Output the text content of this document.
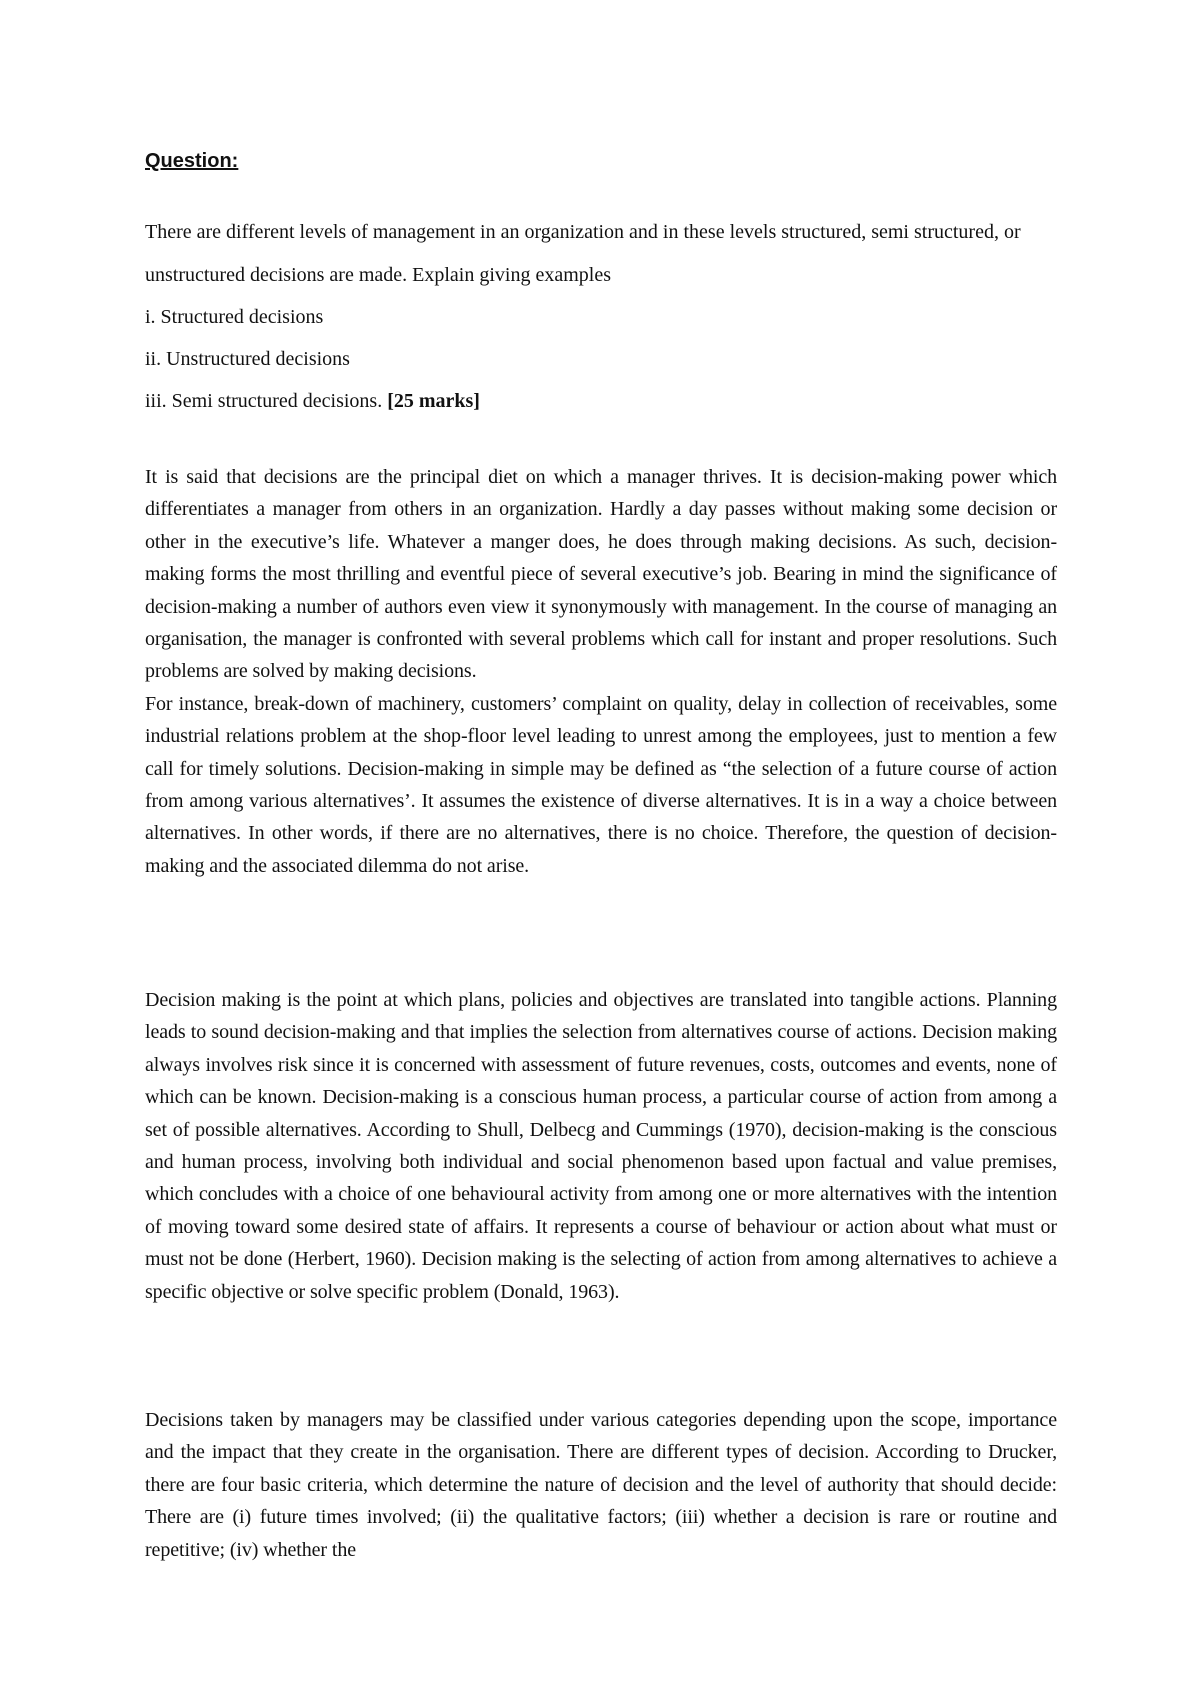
Question:

There are different levels of management in an organization and in these levels structured, semi structured, or unstructured decisions are made. Explain giving examples

i. Structured decisions
ii. Unstructured decisions
iii. Semi structured decisions. [25 marks]

It is said that decisions are the principal diet on which a manager thrives. It is decision-making power which differentiates a manager from others in an organization. Hardly a day passes without making some decision or other in the executive’s life. Whatever a manger does, he does through making decisions. As such, decision-making forms the most thrilling and eventful piece of several executive’s job. Bearing in mind the significance of decision-making a number of authors even view it synonymously with management. In the course of managing an organisation, the manager is confronted with several problems which call for instant and proper resolutions. Such problems are solved by making decisions.
For instance, break-down of machinery, customers’ complaint on quality, delay in collection of receivables, some industrial relations problem at the shop-floor level leading to unrest among the employees, just to mention a few call for timely solutions. Decision-making in simple may be defined as “the selection of a future course of action from among various alternatives’. It assumes the existence of diverse alternatives. It is in a way a choice between alternatives. In other words, if there are no alternatives, there is no choice. Therefore, the question of decision-making and the associated dilemma do not arise.

Decision making is the point at which plans, policies and objectives are translated into tangible actions. Planning leads to sound decision-making and that implies the selection from alternatives course of actions. Decision making always involves risk since it is concerned with assessment of future revenues, costs, outcomes and events, none of which can be known. Decision-making is a conscious human process, a particular course of action from among a set of possible alternatives. According to Shull, Delbecg and Cummings (1970), decision-making is the conscious and human process, involving both individual and social phenomenon based upon factual and value premises, which concludes with a choice of one behavioural activity from among one or more alternatives with the intention of moving toward some desired state of affairs. It represents a course of behaviour or action about what must or must not be done (Herbert, 1960). Decision making is the selecting of action from among alternatives to achieve a specific objective or solve specific problem (Donald, 1963).

Decisions taken by managers may be classified under various categories depending upon the scope, importance and the impact that they create in the organisation. There are different types of decision. According to Drucker, there are four basic criteria, which determine the nature of decision and the level of authority that should decide: There are (i) future times involved; (ii) the qualitative factors; (iii) whether a decision is rare or routine and repetitive; (iv) whether the
